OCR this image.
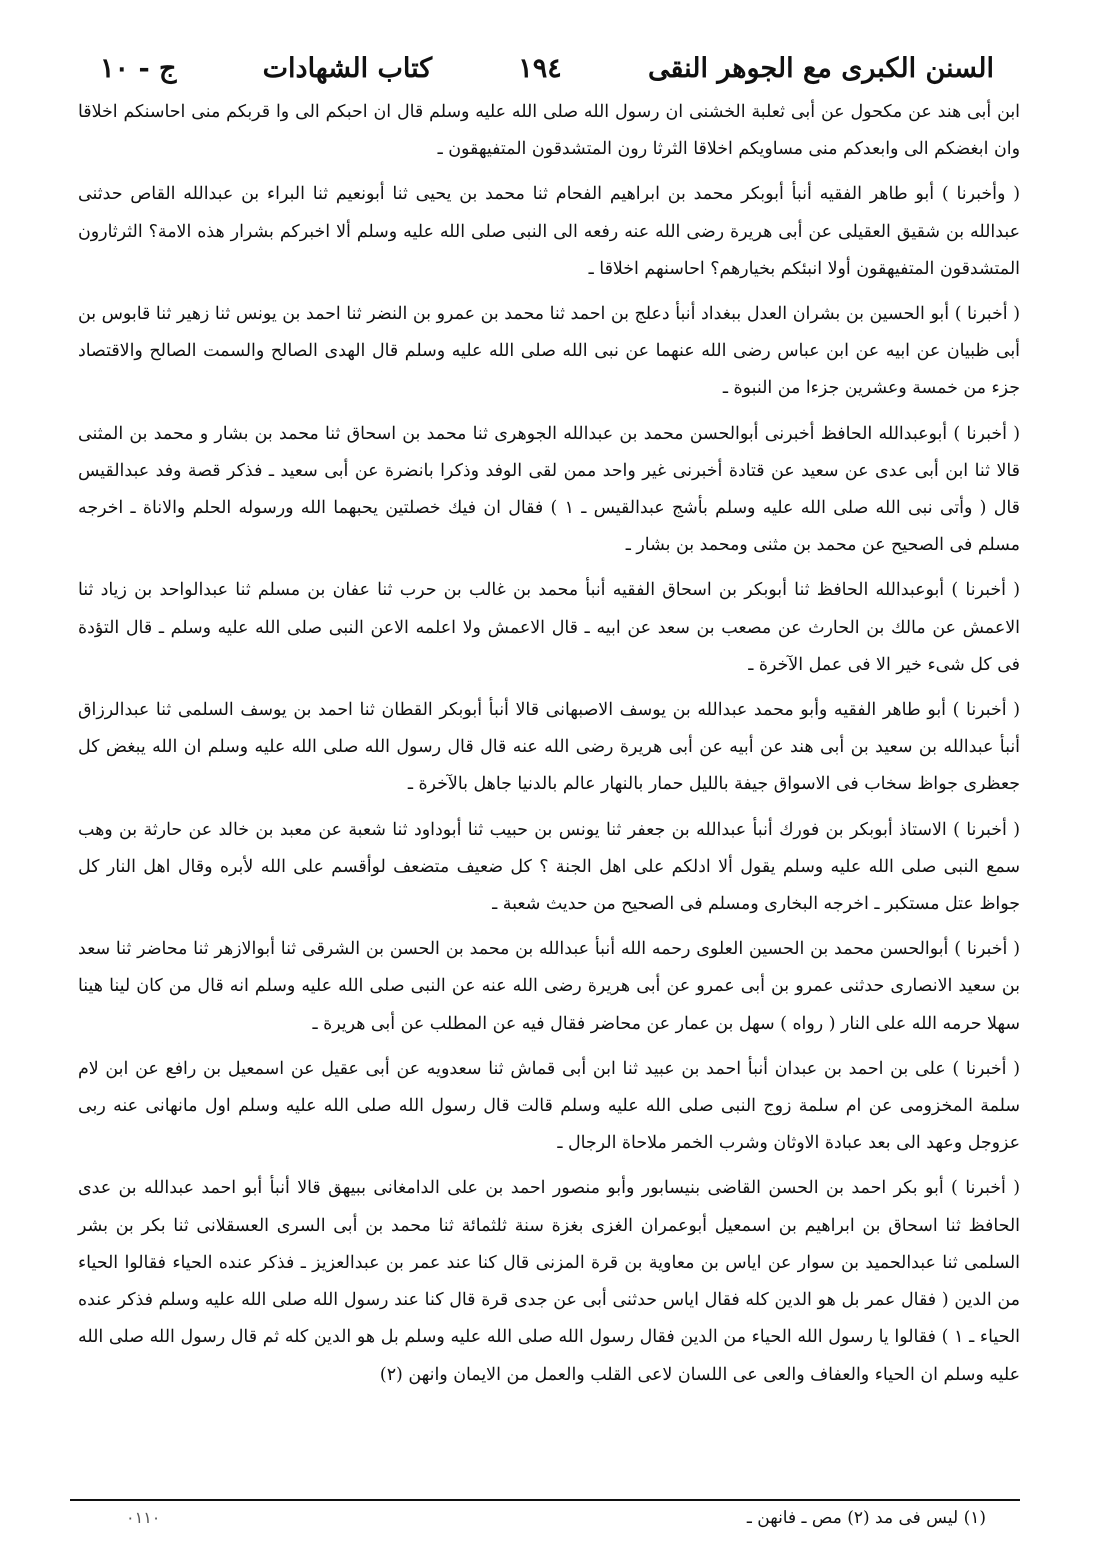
السنن الكبرى مع الجوهر النقى
١٩٤
كتاب الشهادات
ج - ١٠

ابن أبى هند عن مكحول عن أبى ثعلبة الخشنى ان رسول الله صلى الله عليه وسلم قال ان احبكم الى وا قربكم منى احاسنكم اخلاقا وان ابغضكم الى وابعدكم منى مساويكم اخلاقا الثرثا رون المتشدقون المتفيهقون ـ

( وأخبرنا ) أبو طاهر الفقيه أنبأ أبوبكر محمد بن ابراهيم الفحام ثنا محمد بن يحيى ثنا أبونعيم ثنا البراء بن عبدالله القاص حدثنى عبدالله بن شقيق العقيلى عن أبى هريرة رضى الله عنه رفعه الى النبى صلى الله عليه وسلم ألا اخبركم بشرار هذه الامة؟ الثرثارون المتشدقون المتفيهقون أولا انبئكم بخيارهم؟ احاسنهم اخلاقا ـ

( أخبرنا ) أبو الحسين بن بشران العدل ببغداد أنبأ دعلج بن احمد ثنا محمد بن عمرو بن النضر ثنا احمد بن يونس ثنا زهير ثنا قابوس بن أبى ظبيان عن ابيه عن ابن عباس رضى الله عنهما عن نبى الله صلى الله عليه وسلم قال الهدى الصالح والسمت الصالح والاقتصاد جزء من خمسة وعشرين جزءا من النبوة ـ

( أخبرنا ) أبوعبدالله الحافظ أخبرنى أبوالحسن محمد بن عبدالله الجوهرى ثنا محمد بن اسحاق ثنا محمد بن بشار و محمد بن المثنى قالا ثنا ابن أبى عدى عن سعيد عن قتادة أخبرنى غير واحد ممن لقى الوفد وذكرا بانضرة عن أبى سعيد ـ فذكر قصة وفد عبدالقيس قال ( وأتى نبى الله صلى الله عليه وسلم بأشج عبدالقيس ـ ١ ) فقال ان فيك خصلتين يحبهما الله ورسوله الحلم والاناة ـ اخرجه مسلم فى الصحيح عن محمد بن مثنى ومحمد بن بشار ـ

( أخبرنا ) أبوعبدالله الحافظ ثنا أبوبكر بن اسحاق الفقيه أنبأ محمد بن غالب بن حرب ثنا عفان بن مسلم ثنا عبدالواحد بن زياد ثنا الاعمش عن مالك بن الحارث عن مصعب بن سعد عن ابيه ـ قال الاعمش ولا اعلمه الاعن النبى صلى الله عليه وسلم ـ قال التؤدة فى كل شىء خير الا فى عمل الآخرة ـ

( أخبرنا ) أبو طاهر الفقيه وأبو محمد عبدالله بن يوسف الاصبهانى قالا أنبأ أبوبكر القطان ثنا احمد بن يوسف السلمى ثنا عبدالرزاق أنبأ عبدالله بن سعيد بن أبى هند عن أبيه عن أبى هريرة رضى الله عنه قال قال رسول الله صلى الله عليه وسلم ان الله يبغض كل جعظرى جواظ سخاب فى الاسواق جيفة بالليل حمار بالنهار عالم بالدنيا جاهل بالآخرة ـ

( أخبرنا ) الاستاذ أبوبكر بن فورك أنبأ عبدالله بن جعفر ثنا يونس بن حبيب ثنا أبوداود ثنا شعبة عن معبد بن خالد عن حارثة بن وهب سمع النبى صلى الله عليه وسلم يقول ألا ادلكم على اهل الجنة ؟ كل ضعيف متضعف لوأقسم على الله لأبره وقال اهل النار كل جواظ عتل مستكبر ـ اخرجه البخارى ومسلم فى الصحيح من حديث شعبة ـ

( أخبرنا ) أبوالحسن محمد بن الحسين العلوى رحمه الله أنبأ عبدالله بن محمد بن الحسن بن الشرقى ثنا أبوالازهر ثنا محاضر ثنا سعد بن سعيد الانصارى حدثنى عمرو بن أبى عمرو عن أبى هريرة رضى الله عنه عن النبى صلى الله عليه وسلم انه قال من كان لينا هينا سهلا حرمه الله على النار ( رواه ) سهل بن عمار عن محاضر فقال فيه عن المطلب عن أبى هريرة ـ

( أخبرنا ) على بن احمد بن عبدان أنبأ احمد بن عبيد ثنا ابن أبى قماش ثنا سعدويه عن أبى عقيل عن اسمعيل بن رافع عن ابن لام سلمة المخزومى عن ام سلمة زوج النبى صلى الله عليه وسلم قالت قال رسول الله صلى الله عليه وسلم اول مانهانى عنه ربى عزوجل وعهد الى بعد عبادة الاوثان وشرب الخمر ملاحاة الرجال ـ

( أخبرنا ) أبو بكر احمد بن الحسن القاضى بنيسابور وأبو منصور احمد بن على الدامغانى ببيهق قالا أنبأ أبو احمد عبدالله بن عدى الحافظ ثنا اسحاق بن ابراهيم بن اسمعيل أبوعمران الغزى بغزة سنة ثلثمائة ثنا محمد بن أبى السرى العسقلانى ثنا بكر بن بشر السلمى ثنا عبدالحميد بن سوار عن اياس بن معاوية بن قرة المزنى قال كنا عند عمر بن عبدالعزيز ـ فذكر عنده الحياء فقالوا الحياء من الدين ( فقال عمر بل هو الدين كله فقال اياس حدثنى أبى عن جدى قرة قال كنا عند رسول الله صلى الله عليه وسلم فذكر عنده الحياء ـ ١ ) فقالوا يا رسول الله الحياء من الدين فقال رسول الله صلى الله عليه وسلم بل هو الدين كله ثم قال رسول الله صلى الله عليه وسلم ان الحياء والعفاف والعى عى اللسان لاعى القلب والعمل من الايمان وانهن (٢)

(١) ليس فى مد (٢) مص ـ فانهن ـ
٠١١٠
